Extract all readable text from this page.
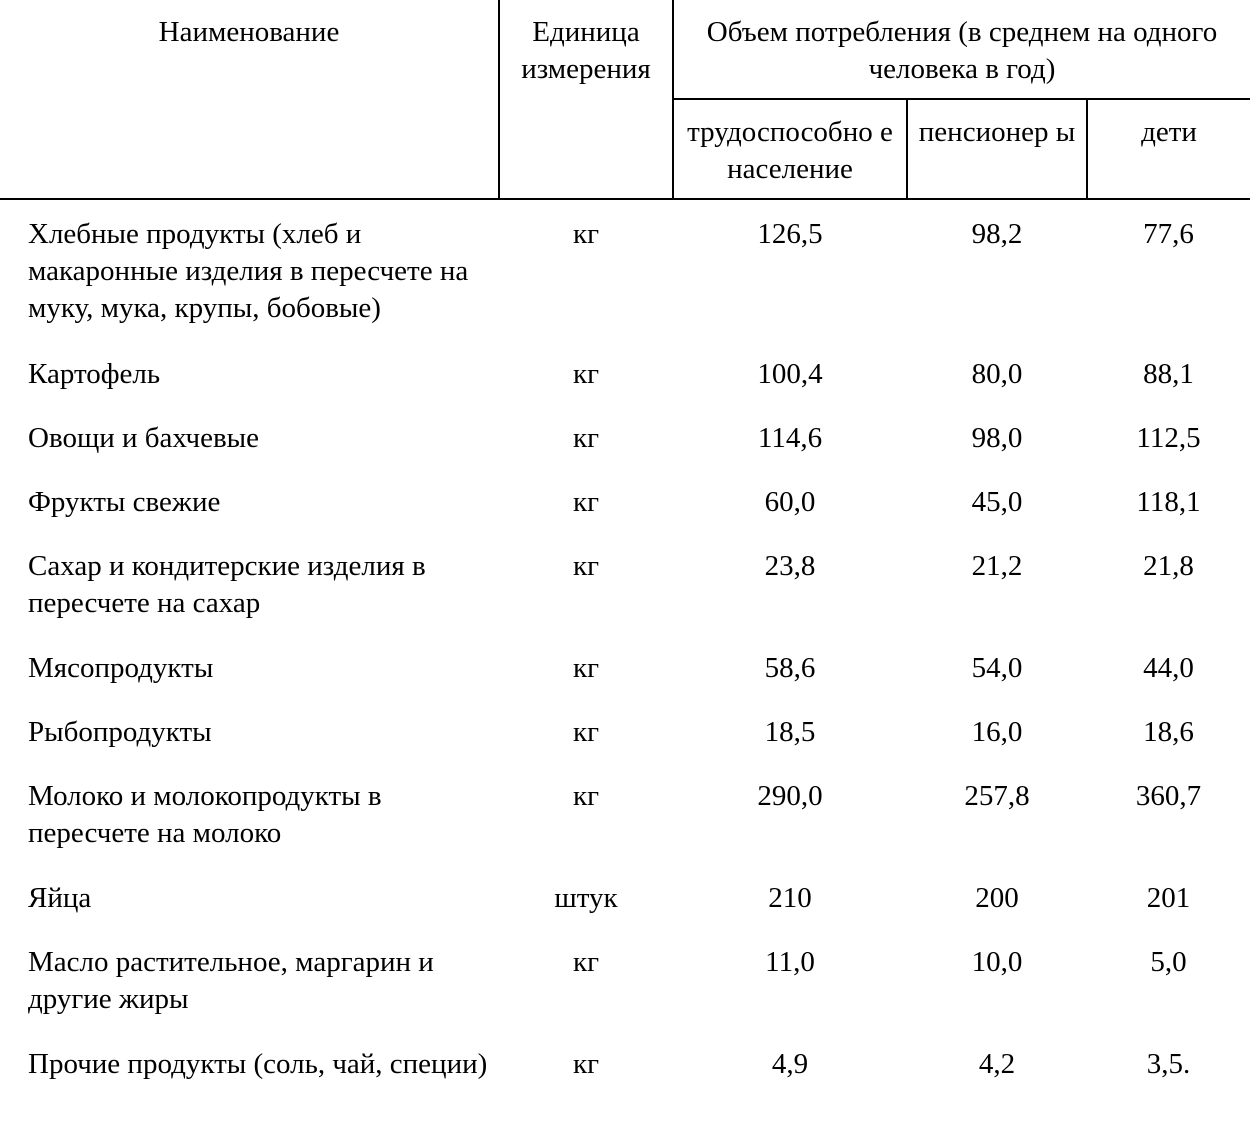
Наименование	Единица измерения	Объем потребления (в среднем на одного человека в год)		
		трудоспособно е население	пенсионер ы	дети
Хлебные продукты (хлеб и макаронные изделия в пересчете на муку, мука, крупы, бобовые)	кг	126,5	98,2	77,6
Картофель	кг	100,4	80,0	88,1
Овощи и бахчевые	кг	114,6	98,0	112,5
Фрукты свежие	кг	60,0	45,0	118,1
Сахар и кондитерские изделия в пересчете на сахар	кг	23,8	21,2	21,8
Мясопродукты	кг	58,6	54,0	44,0
Рыбопродукты	кг	18,5	16,0	18,6
Молоко и молокопродукты в пересчете на молоко	кг	290,0	257,8	360,7
Яйца	штук	210	200	201
Масло растительное, маргарин и другие жиры	кг	11,0	10,0	5,0
Прочие продукты (соль, чай, специи)	кг	4,9	4,2	3,5.
